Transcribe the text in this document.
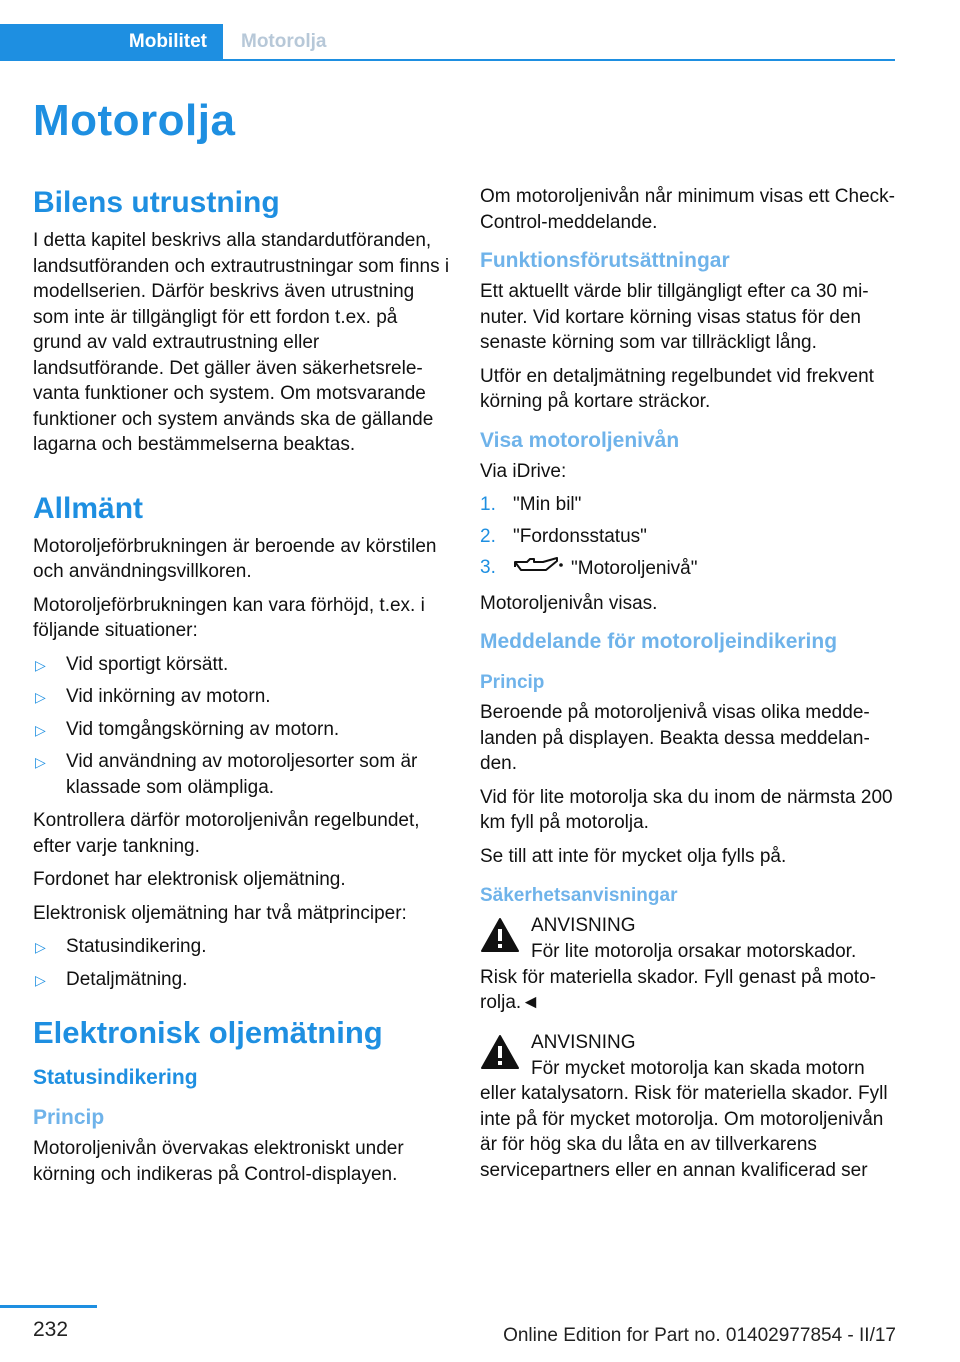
Mobilitet	Motorolja
Motorolja
Bilens utrustning

I detta kapitel beskrivs alla standardutföranden, landsutföranden och extrautrustningar som finns i modellserien. Därför beskrivs även utrustning som inte är tillgängligt för ett fordon t.ex. på grund av vald extrautrustning eller landsutförande. Det gäller även säkerhetsrelevanta funktioner och system. Om motsvarande funktioner och system används ska de gällande lagarna och bestämmelserna beaktas.

Allmänt

Motoroljeförbrukningen är beroende av körstilen och användningsvillkoren.

Motoroljeförbrukningen kan vara förhöjd, t.ex. i följande situationer:

▷ Vid sportigt körsätt.
▷ Vid inkörning av motorn.
▷ Vid tomgångskörning av motorn.
▷ Vid användning av motoroljesorter som är klassade som olämpliga.

Kontrollera därför motoroljenivån regelbundet, efter varje tankning.

Fordonet har elektronisk oljemätning.

Elektronisk oljemätning har två mätprinciper:

▷ Statusindikering.
▷ Detaljmätning.
Elektronisk oljemätning
Statusindikering
Princip

Motoroljenivån övervakas elektroniskt under körning och indikeras på Control-displayen.

Om motoroljenivån når minimum visas ett Check-Control-meddelande.

Funktionsförutsättningar

Ett aktuellt värde blir tillgängligt efter ca 30 minuter. Vid kortare körning visas status för den senaste körning som var tillräckligt lång.

Utför en detaljmätning regelbundet vid frekvent körning på kortare sträckor.

Visa motoroljenivån

Via iDrive:

1. "Min bil"
2. "Fordonsstatus"
3.	"Motoroljenivå"

Motoroljenivån visas.

Meddelande för motoroljeindikering
Princip

Beroende på motoroljenivå visas olika meddelanden på displayen. Beakta dessa meddelanden.

Vid för lite motorolja ska du inom de närmsta 200 km fyll på motorolja.

Se till att inte för mycket olja fylls på.

Säkerhetsanvisningar
ANVISNING

För lite motorolja orsakar motorskador. Risk för materiella skador. Fyll genast på motorolja.◄

ANVISNING

För mycket motorolja kan skada motorn eller katalysatorn. Risk för materiella skador. Fyll inte på för mycket motorolja. Om motoroljenivån är för hög ska du låta en av tillverkarens servicepartners eller en annan kvalificerad ser

232	Online Edition for Part no. 01402977854 - II/17
